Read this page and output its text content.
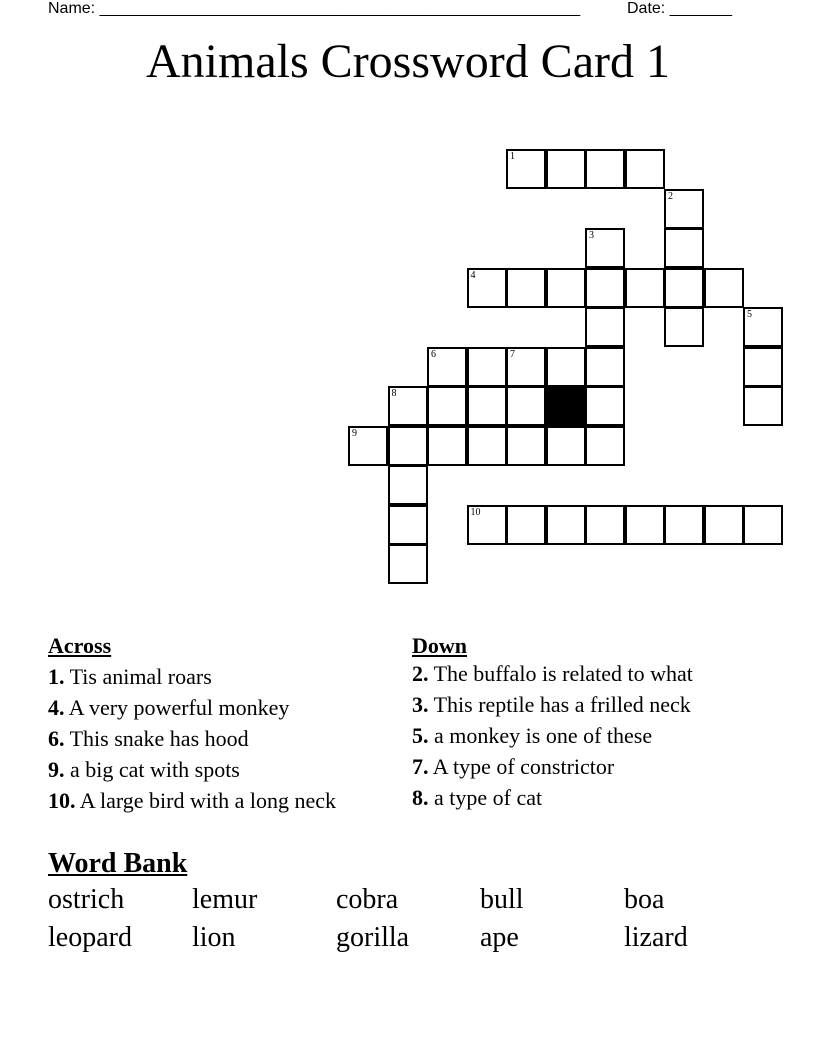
Name: ______________________________________________________	Date: _______
Animals Crossword Card 1
1
2
3
4
5
6	7
8
9
10
Across
1. Tis animal roars
4. A very powerful monkey
6. This snake has hood
9. a big cat with spots
10. A large bird with a long neck
Down
2. The buffalo is related to what
3. This reptile has a frilled neck
5. a monkey is one of these
7. A type of constrictor
8. a type of cat
Word Bank
ostrich lemur	cobra	bull	boa
leopard lion	gorilla	ape	lizard
